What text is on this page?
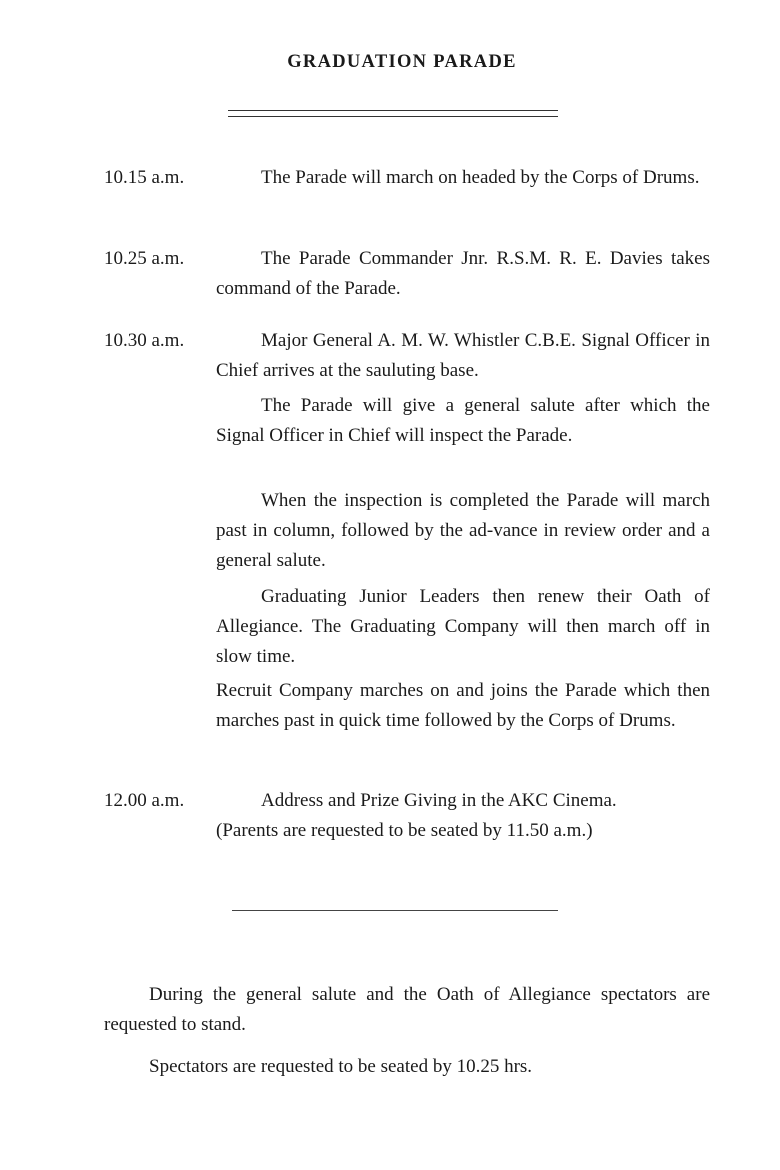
GRADUATION PARADE
10.15 a.m.	The Parade will march on headed by the Corps of Drums.
10.25 a.m.	The Parade Commander Jnr. R.S.M. R. E. Davies takes command of the Parade.
10.30 a.m.	Major General A. M. W. Whistler C.B.E. Signal Officer in Chief arrives at the sauluting base.
The Parade will give a general salute after which the Signal Officer in Chief will inspect the Parade.
When the inspection is completed the Parade will march past in column, followed by the ad-vance in review order and a general salute.
Graduating Junior Leaders then renew their Oath of Allegiance. The Graduating Company will then march off in slow time.
Recruit Company marches on and joins the Parade which then marches past in quick time followed by the Corps of Drums.
12.00 a.m.	Address and Prize Giving in the AKC Cinema.
(Parents are requested to be seated by 11.50 a.m.)
During the general salute and the Oath of Allegiance spectators are requested to stand.
Spectators are requested to be seated by 10.25 hrs.
